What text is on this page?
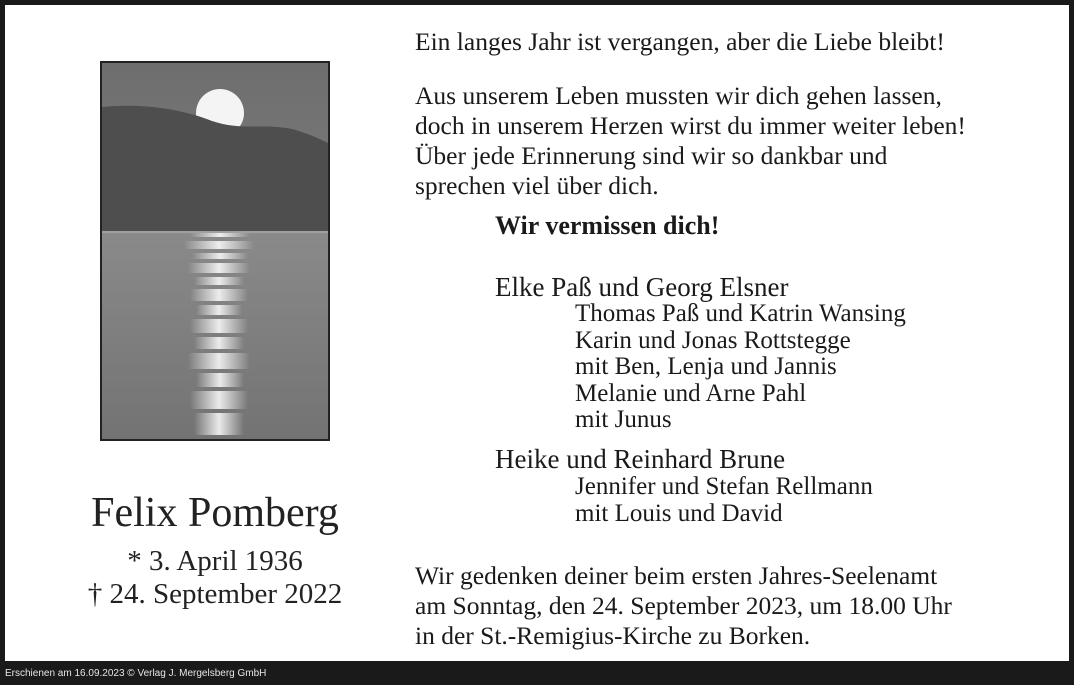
Felix Pomberg
* 3. April 1936
† 24. September 2022
Ein langes Jahr ist vergangen, aber die Liebe bleibt!
Aus unserem Leben mussten wir dich gehen lassen,
doch in unserem Herzen wirst du immer weiter leben!
Über jede Erinnerung sind wir so dankbar und
sprechen viel über dich.
Wir vermissen dich!
Elke Paß und Georg Elsner
Thomas Paß und Katrin Wansing
Karin und Jonas Rottstegge
mit Ben, Lenja und Jannis
Melanie und Arne Pahl
mit Junus
Heike und Reinhard Brune
Jennifer und Stefan Rellmann
mit Louis und David
Wir gedenken deiner beim ersten Jahres-Seelenamt
am Sonntag, den 24. September 2023, um 18.00 Uhr
in der St.-Remigius-Kirche zu Borken.
Erschienen am 16.09.2023 © Verlag J. Mergelsberg GmbH
